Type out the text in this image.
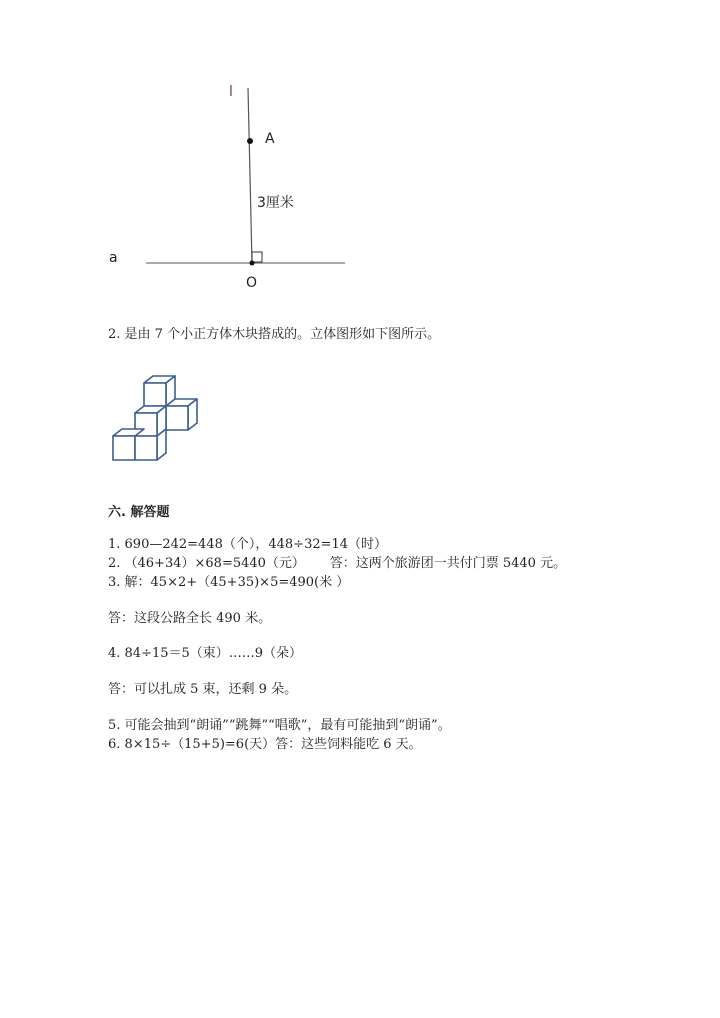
l
A
3厘米
a
O
2. 是由 7 个小正方体木块搭成的。立体图形如下图所示。
六. 解答题
1. 690—242=448（个），448÷32=14（时）
2. （46+34）×68=5440（元）      答：这两个旅游团一共付门票 5440 元。
3. 解：45×2+（45+35)×5=490(米 ）
答：这段公路全长 490 米。
4. 84÷15＝5（束）……9（朵）
答：可以扎成 5 束，还剩 9 朵。
5. 可能会抽到“朗诵”“跳舞”“唱歌”，最有可能抽到“朗诵”。
6. 8×15÷（15+5)=6(天）答：这些饲料能吃 6 天。
